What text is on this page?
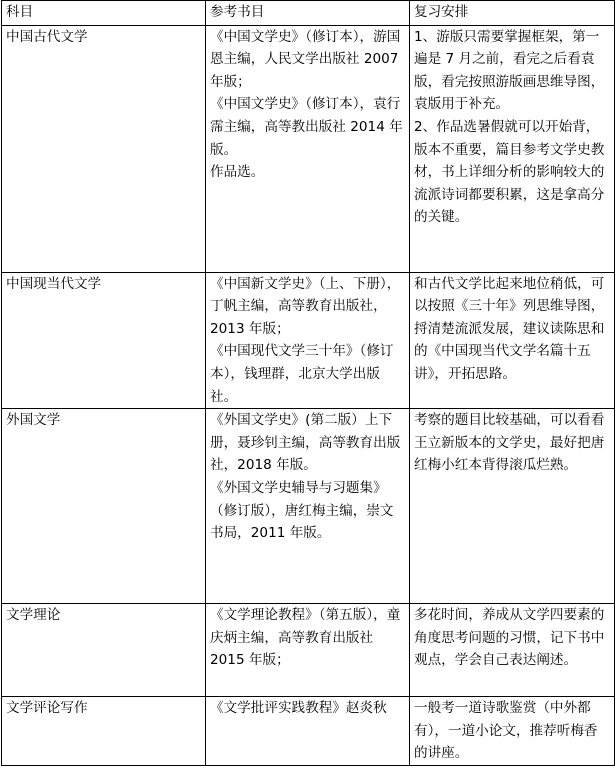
科目	参考书目	复习安排
中国古代文学	《中国文学史》（修订本），游国恩主编，人民文学出版社 2007 年版；
《中国文学史》（修订本），袁行霈主编，高等教出版社 2014 年版。
作品选。	1、游版只需要掌握框架，第一遍是 7 月之前，看完之后看袁版，看完按照游版画思维导图，袁版用于补充。
2、作品选暑假就可以开始背，版本不重要，篇目参考文学史教材，书上详细分析的影响较大的流派诗词都要积累，这是拿高分的关键。

中国现当代文学	《中国新文学史》（上、下册），丁帆主编，高等教育出版社，2013 年版；
《中国现代文学三十年》（修订本），钱理群，北京大学出版社。	和古代文学比起来地位稍低，可以按照《三十年》列思维导图，捋清楚流派发展，建议读陈思和的《中国现当代文学名篇十五讲》，开拓思路。

外国文学	《外国文学史》(第二版）上下册，聂珍钊主编，高等教育出版社，2018 年版。
《外国文学史辅导与习题集》（修订版），唐红梅主编，崇文书局，2011 年版。	考察的题目比较基础，可以看看王立新版本的文学史，最好把唐红梅小红本背得滚瓜烂熟。

文学理论	《文学理论教程》（第五版），童庆炳主编，高等教育出版社 2015 年版；	多花时间，养成从文学四要素的角度思考问题的习惯，记下书中观点，学会自己表达阐述。

文学评论写作	《文学批评实践教程》赵炎秋	一般考一道诗歌鉴赏（中外都有），一道小论文，推荐听梅香的讲座。
